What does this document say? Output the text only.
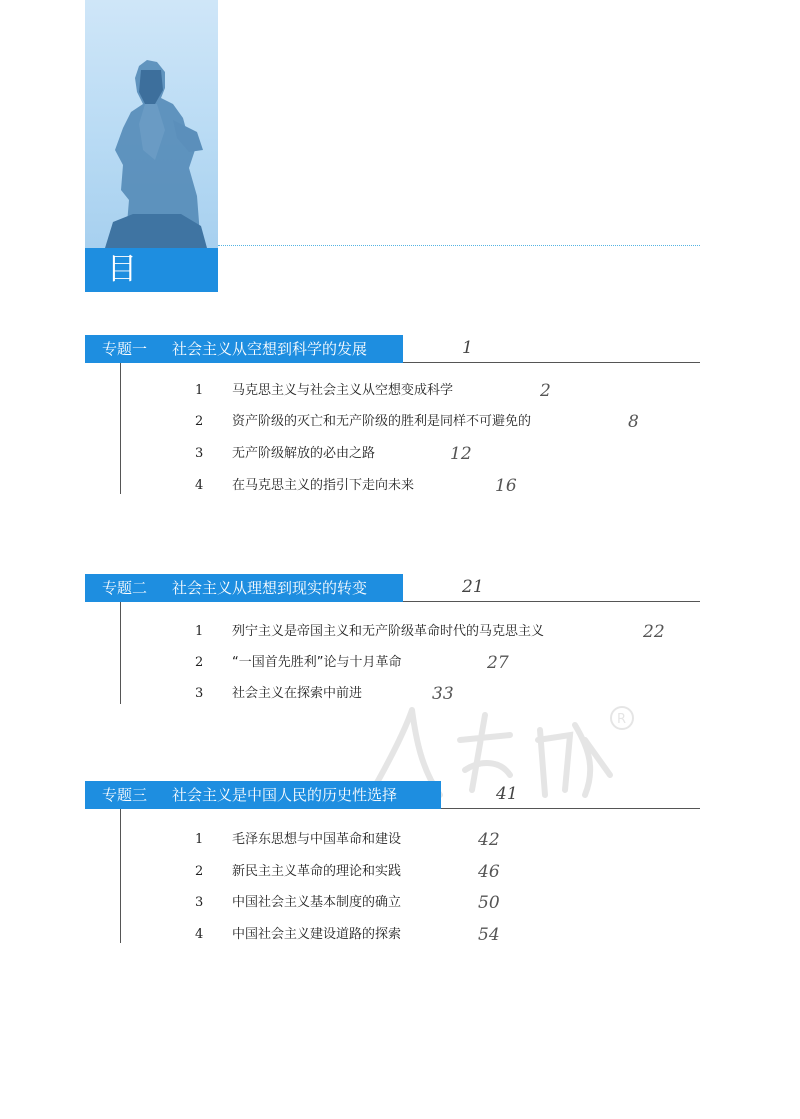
目 录
专题一 社会主义从空想到科学的发展	1
1 马克思主义与社会主义从空想变成科学	2
2 资产阶级的灭亡和无产阶级的胜利是同样不可避免的	8
3 无产阶级解放的必由之路	12
4 在马克思主义的指引下走向未来	16
专题二 社会主义从理想到现实的转变	21
1 列宁主义是帝国主义和无产阶级革命时代的马克思主义	22
2 “一国首先胜利”论与十月革命	27
3 社会主义在探索中前进	33
R
专题三 社会主义是中国人民的历史性选择	41
1 毛泽东思想与中国革命和建设	42
2 新民主主义革命的理论和实践	46
3 中国社会主义基本制度的确立	50
4 中国社会主义建设道路的探索	54
